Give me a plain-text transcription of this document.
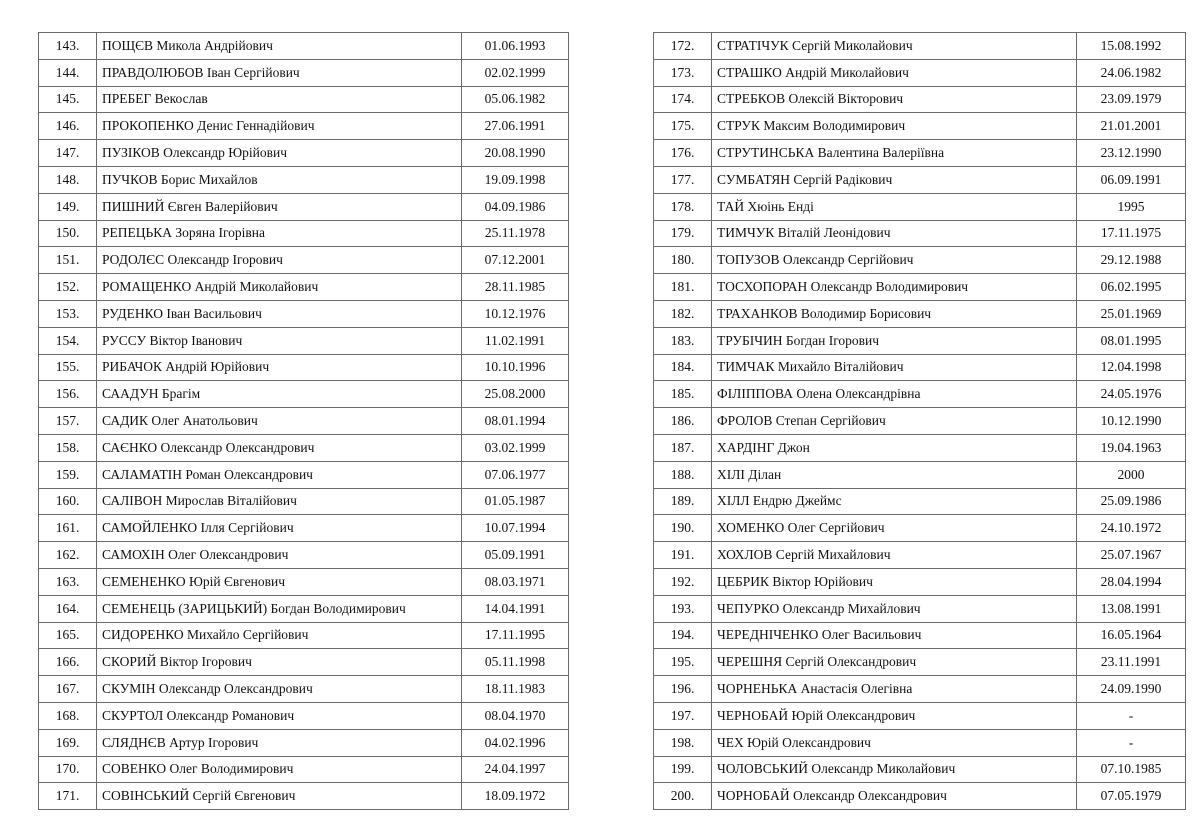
143.	ПОЩЄВ Микола Андрійович	01.06.1993
144.	ПРАВДОЛЮБОВ Іван Сергійович	02.02.1999
145.	ПРЕБЕГ Векослав	05.06.1982
146.	ПРОКОПЕНКО Денис Геннадійович	27.06.1991
147.	ПУЗІКОВ Олександр Юрійович	20.08.1990
148.	ПУЧКОВ Борис Михайлов	19.09.1998
149.	ПИШНИЙ Євген Валерійович	04.09.1986
150.	РЕПЕЦЬКА Зоряна Ігорівна	25.11.1978
151.	РОДОЛЄС Олександр Ігорович	07.12.2001
152.	РОМАЩЕНКО Андрій Миколайович	28.11.1985
153.	РУДЕНКО Іван Васильович	10.12.1976
154.	РУССУ Віктор Іванович	11.02.1991
155.	РИБАЧОК Андрій Юрійович	10.10.1996
156.	СААДУН Брагім	25.08.2000
157.	САДИК Олег Анатольович	08.01.1994
158.	САЄНКО Олександр Олександрович	03.02.1999
159.	САЛАМАТІН Роман Олександрович	07.06.1977
160.	САЛІВОН Мирослав Віталійович	01.05.1987
161.	САМОЙЛЕНКО Ілля Сергійович	10.07.1994
162.	САМОХІН Олег Олександрович	05.09.1991
163.	СЕМЕНЕНКО Юрій Євгенович	08.03.1971
164.	СЕМЕНЕЦЬ (ЗАРИЦЬКИЙ) Богдан Володимирович	14.04.1991
165.	СИДОРЕНКО Михайло Сергійович	17.11.1995
166.	СКОРИЙ Віктор Ігорович	05.11.1998
167.	СКУМІН Олександр Олександрович	18.11.1983
168.	СКУРТОЛ Олександр Романович	08.04.1970
169.	СЛЯДНЄВ Артур Ігорович	04.02.1996
170.	СОВЕНКО Олег Володимирович	24.04.1997
171.	СОВІНСЬКИЙ Сергій Євгенович	18.09.1972
172.	СТРАТІЧУК Сергій Миколайович	15.08.1992
173.	СТРАШКО Андрій Миколайович	24.06.1982
174.	СТРЕБКОВ Олексій Вікторович	23.09.1979
175.	СТРУК Максим Володимирович	21.01.2001
176.	СТРУТИНСЬКА Валентина Валеріївна	23.12.1990
177.	СУМБАТЯН Сергій Радікович	06.09.1991
178.	ТАЙ Хюінь Енді	1995
179.	ТИМЧУК Віталій Леонідович	17.11.1975
180.	ТОПУЗОВ Олександр Сергійович	29.12.1988
181.	ТОСХОПОРАН Олександр Володимирович	06.02.1995
182.	ТРАХАНКОВ Володимир Борисович	25.01.1969
183.	ТРУБІЧИН Богдан Ігорович	08.01.1995
184.	ТИМЧАК Михайло Віталійович	12.04.1998
185.	ФІЛІППОВА Олена Олександрівна	24.05.1976
186.	ФРОЛОВ Степан Сергійович	10.12.1990
187.	ХАРДІНГ Джон	19.04.1963
188.	ХІЛІ Ділан	2000
189.	ХІЛЛ Ендрю Джеймс	25.09.1986
190.	ХОМЕНКО Олег Сергійович	24.10.1972
191.	ХОХЛОВ Сергій Михайлович	25.07.1967
192.	ЦЕБРИК Віктор Юрійович	28.04.1994
193.	ЧЕПУРКО Олександр Михайлович	13.08.1991
194.	ЧЕРЕДНІЧЕНКО Олег Васильович	16.05.1964
195.	ЧЕРЕШНЯ Сергій Олександрович	23.11.1991
196.	ЧОРНЕНЬКА Анастасія Олегівна	24.09.1990
197.	ЧЕРНОБАЙ Юрій Олександрович	-
198.	ЧЕХ Юрій Олександрович	-
199.	ЧОЛОВСЬКИЙ Олександр Миколайович	07.10.1985
200.	ЧОРНОБАЙ Олександр Олександрович	07.05.1979
